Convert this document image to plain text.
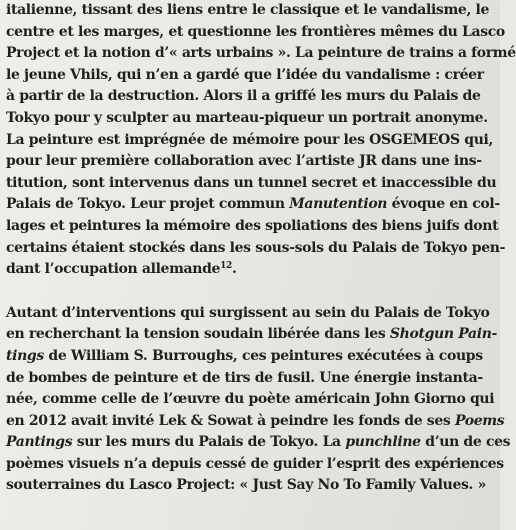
italienne, tissant des liens entre le classique et le vandalisme, le
centre et les marges, et questionne les frontières mêmes du Lasco
Project et la notion d’« arts urbains ». La peinture de trains a formé
le jeune Vhils, qui n’en a gardé que l’idée du vandalisme : créer
à partir de la destruction. Alors il a griffé les murs du Palais de
Tokyo pour y sculpter au marteau-piqueur un portrait anonyme.
La peinture est imprégnée de mémoire pour les OSGEMEOS qui,
pour leur première collaboration avec l’artiste JR dans une ins-
titution, sont intervenus dans un tunnel secret et inaccessible du
Palais de Tokyo. Leur projet commun Manutention évoque en col-
lages et peintures la mémoire des spoliations des biens juifs dont
certains étaient stockés dans les sous-sols du Palais de Tokyo pen-
dant l’occupation allemande$^{12}$.
Autant d’interventions qui surgissent au sein du Palais de Tokyo
en recherchant la tension soudain libérée dans les Shotgun Pain-
tings de William S. Burroughs, ces peintures exécutées à coups
de bombes de peinture et de tirs de fusil. Une énergie instanta-
née, comme celle de l’œuvre du poète américain John Giorno qui
en 2012 avait invité Lek & Sowat à peindre les fonds de ses Poems
Pantings sur les murs du Palais de Tokyo. La punchline d’un de ces
poèmes visuels n’a depuis cessé de guider l’esprit des expériences
souterraines du Lasco Project: « Just Say No To Family Values. »
